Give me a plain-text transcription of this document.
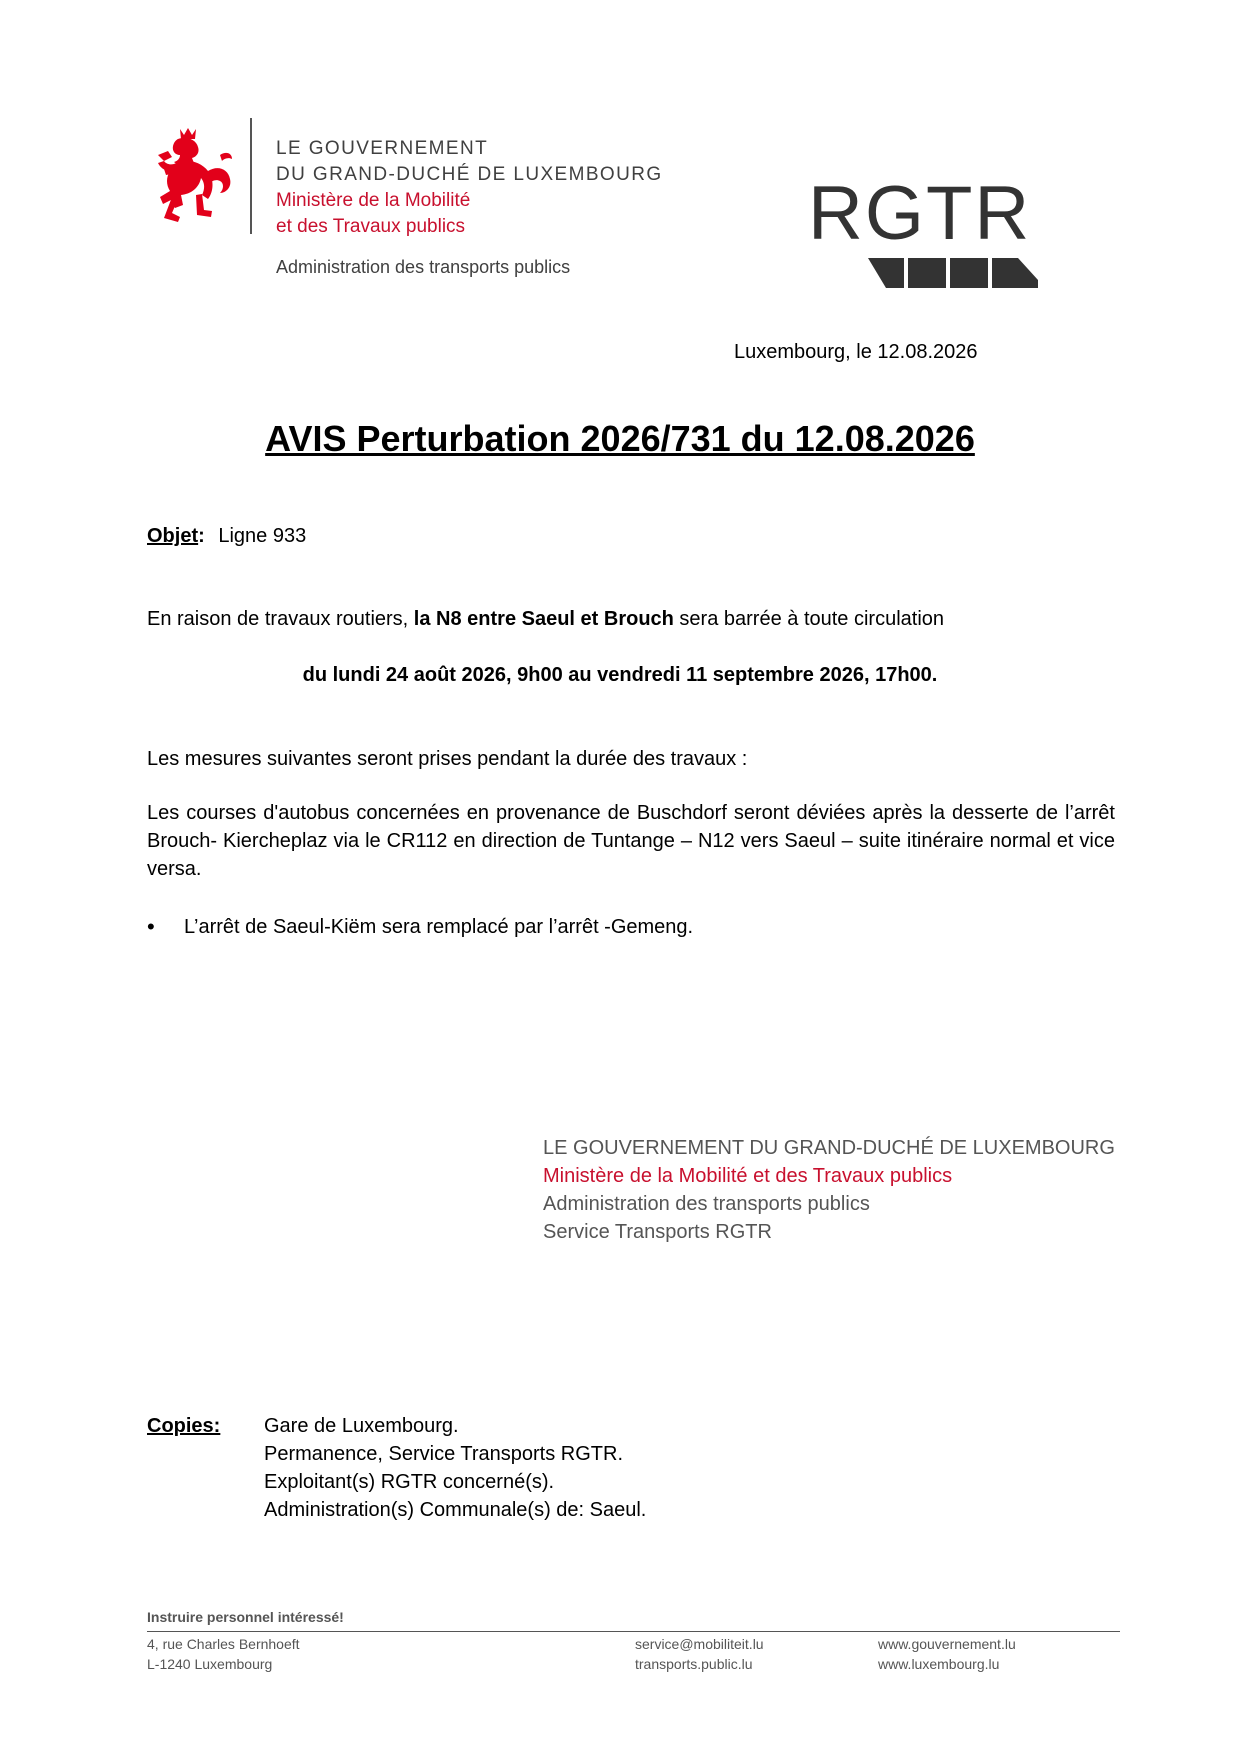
LE GOUVERNEMENT
DU GRAND-DUCHÉ DE LUXEMBOURG
Ministère de la Mobilité
et des Travaux publics
Administration des transports publics
RGTR
Luxembourg, le 12.08.2026
AVIS Perturbation 2026/731 du 12.08.2026
Objet: Ligne 933
En raison de travaux routiers, la N8 entre Saeul et Brouch sera barrée à toute circulation
du lundi 24 août 2026, 9h00 au vendredi 11 septembre 2026, 17h00.
Les mesures suivantes seront prises pendant la durée des travaux :
Les courses d'autobus concernées en provenance de Buschdorf seront déviées après la desserte de l’arrêt Brouch- Kiercheplaz via le CR112 en direction de Tuntange – N12 vers Saeul – suite itinéraire normal et vice versa.
• L’arrêt de Saeul-Kiëm sera remplacé par l’arrêt -Gemeng.
LE GOUVERNEMENT DU GRAND-DUCHÉ DE LUXEMBOURG
Ministère de la Mobilité et des Travaux publics
Administration des transports publics
Service Transports RGTR
Copies: Gare de Luxembourg.
Permanence, Service Transports RGTR.
Exploitant(s) RGTR concerné(s).
Administration(s) Communale(s) de: Saeul.
Instruire personnel intéressé!
4, rue Charles Bernhoeft
L-1240 Luxembourg
service@mobiliteit.lu
transports.public.lu
www.gouvernement.lu
www.luxembourg.lu
